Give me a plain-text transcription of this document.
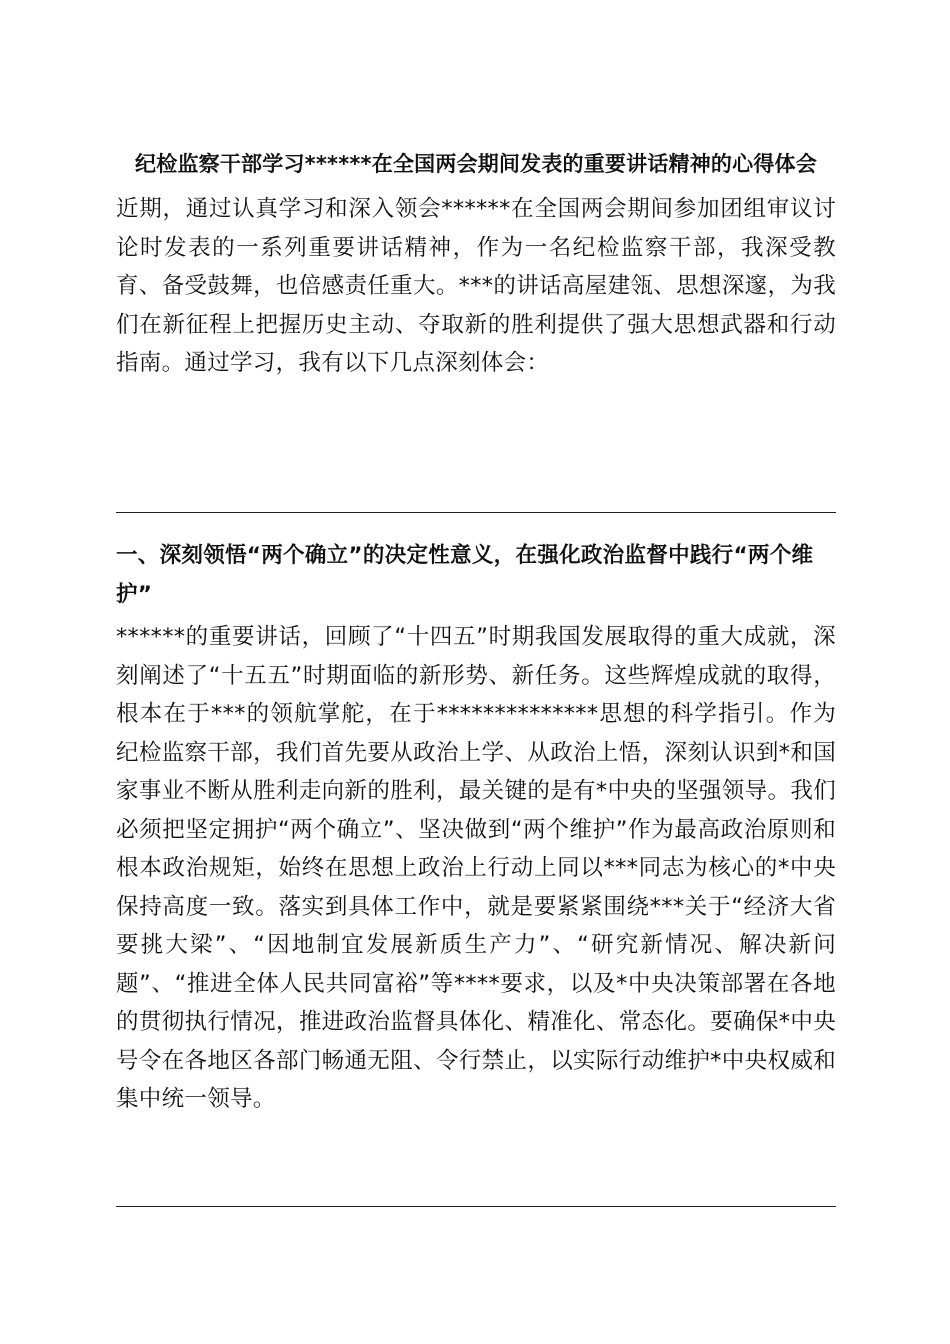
纪检监察干部学习******在全国两会期间发表的重要讲话精神的心得体会

近期，通过认真学习和深入领会******在全国两会期间参加团组审议讨论时发表的一系列重要讲话精神，作为一名纪检监察干部，我深受教育、备受鼓舞，也倍感责任重大。***的讲话高屋建瓴、思想深邃，为我们在新征程上把握历史主动、夺取新的胜利提供了强大思想武器和行动指南。通过学习，我有以下几点深刻体会：

一、深刻领悟“两个确立”的决定性意义，在强化政治监督中践行“两个维护”

******的重要讲话，回顾了“十四五”时期我国发展取得的重大成就，深刻阐述了“十五五”时期面临的新形势、新任务。这些辉煌成就的取得，根本在于***的领航掌舵，在于**************思想的科学指引。作为纪检监察干部，我们首先要从政治上学、从政治上悟，深刻认识到*和国家事业不断从胜利走向新的胜利，最关键的是有*中央的坚强领导。我们必须把坚定拥护“两个确立”、坚决做到“两个维护”作为最高政治原则和根本政治规矩，始终在思想上政治上行动上同以***同志为核心的*中央保持高度一致。落实到具体工作中，就是要紧紧围绕***关于“经济大省要挑大梁”、“因地制宜发展新质生产力”、“研究新情况、解决新问题”、“推进全体人民共同富裕”等****要求，以及*中央决策部署在各地的贯彻执行情况，推进政治监督具体化、精准化、常态化。要确保*中央号令在各地区各部门畅通无阻、令行禁止，以实际行动维护*中央权威和集中统一领导。
